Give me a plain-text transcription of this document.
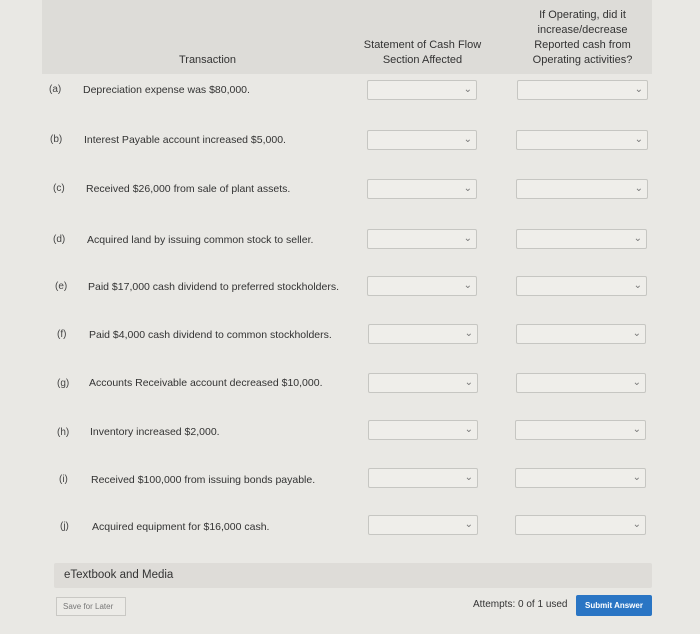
Transaction
Statement of Cash Flow
Section Affected
If Operating, did it
increase/decrease
Reported cash from
Operating activities?
(a) Depreciation expense was $80,000.	⌄	⌄
(b) Interest Payable account increased $5,000.	⌄	⌄
(c) Received $26,000 from sale of plant assets.	⌄	⌄
(d) Acquired land by issuing common stock to seller.	⌄	⌄
(e) Paid $17,000 cash dividend to preferred stockholders.	⌄	⌄
(f) Paid $4,000 cash dividend to common stockholders.	⌄	⌄
(g) Accounts Receivable account decreased $10,000.	⌄	⌄
(h) Inventory increased $2,000.	⌄	⌄
(i) Received $100,000 from issuing bonds payable.	⌄	⌄
(j) Acquired equipment for $16,000 cash.	⌄	⌄
eTextbook and Media
Save for Later	Attempts: 0 of 1 used	Submit Answer
